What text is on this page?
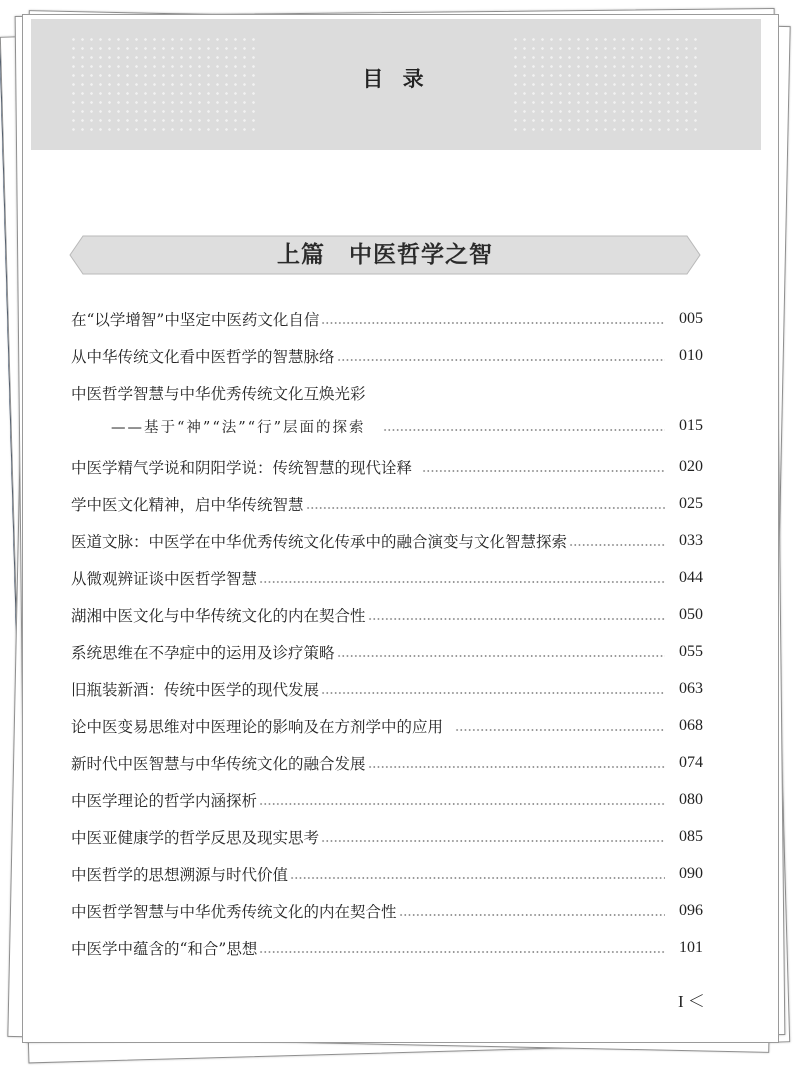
目 录
上篇　中医哲学之智
在“以学增智”中坚定中医药文化自信	005
从中华传统文化看中医哲学的智慧脉络	010
中医哲学智慧与中华优秀传统文化互焕光彩
——基于“神”“法”“行”层面的探索	015
中医学精气学说和阴阳学说：传统智慧的现代诠释	020
学中医文化精神，启中华传统智慧	025
医道文脉：中医学在中华优秀传统文化传承中的融合演变与文化智慧探索	033
从微观辨证谈中医哲学智慧	044
湖湘中医文化与中华传统文化的内在契合性	050
系统思维在不孕症中的运用及诊疗策略	055
旧瓶装新酒：传统中医学的现代发展	063
论中医变易思维对中医理论的影响及在方剂学中的应用	068
新时代中医智慧与中华传统文化的融合发展	074
中医学理论的哲学内涵探析	080
中医亚健康学的哲学反思及现实思考	085
中医哲学的思想溯源与时代价值	090
中医哲学智慧与中华优秀传统文化的内在契合性	096
中医学中蕴含的“和合”思想	101
I ＜
